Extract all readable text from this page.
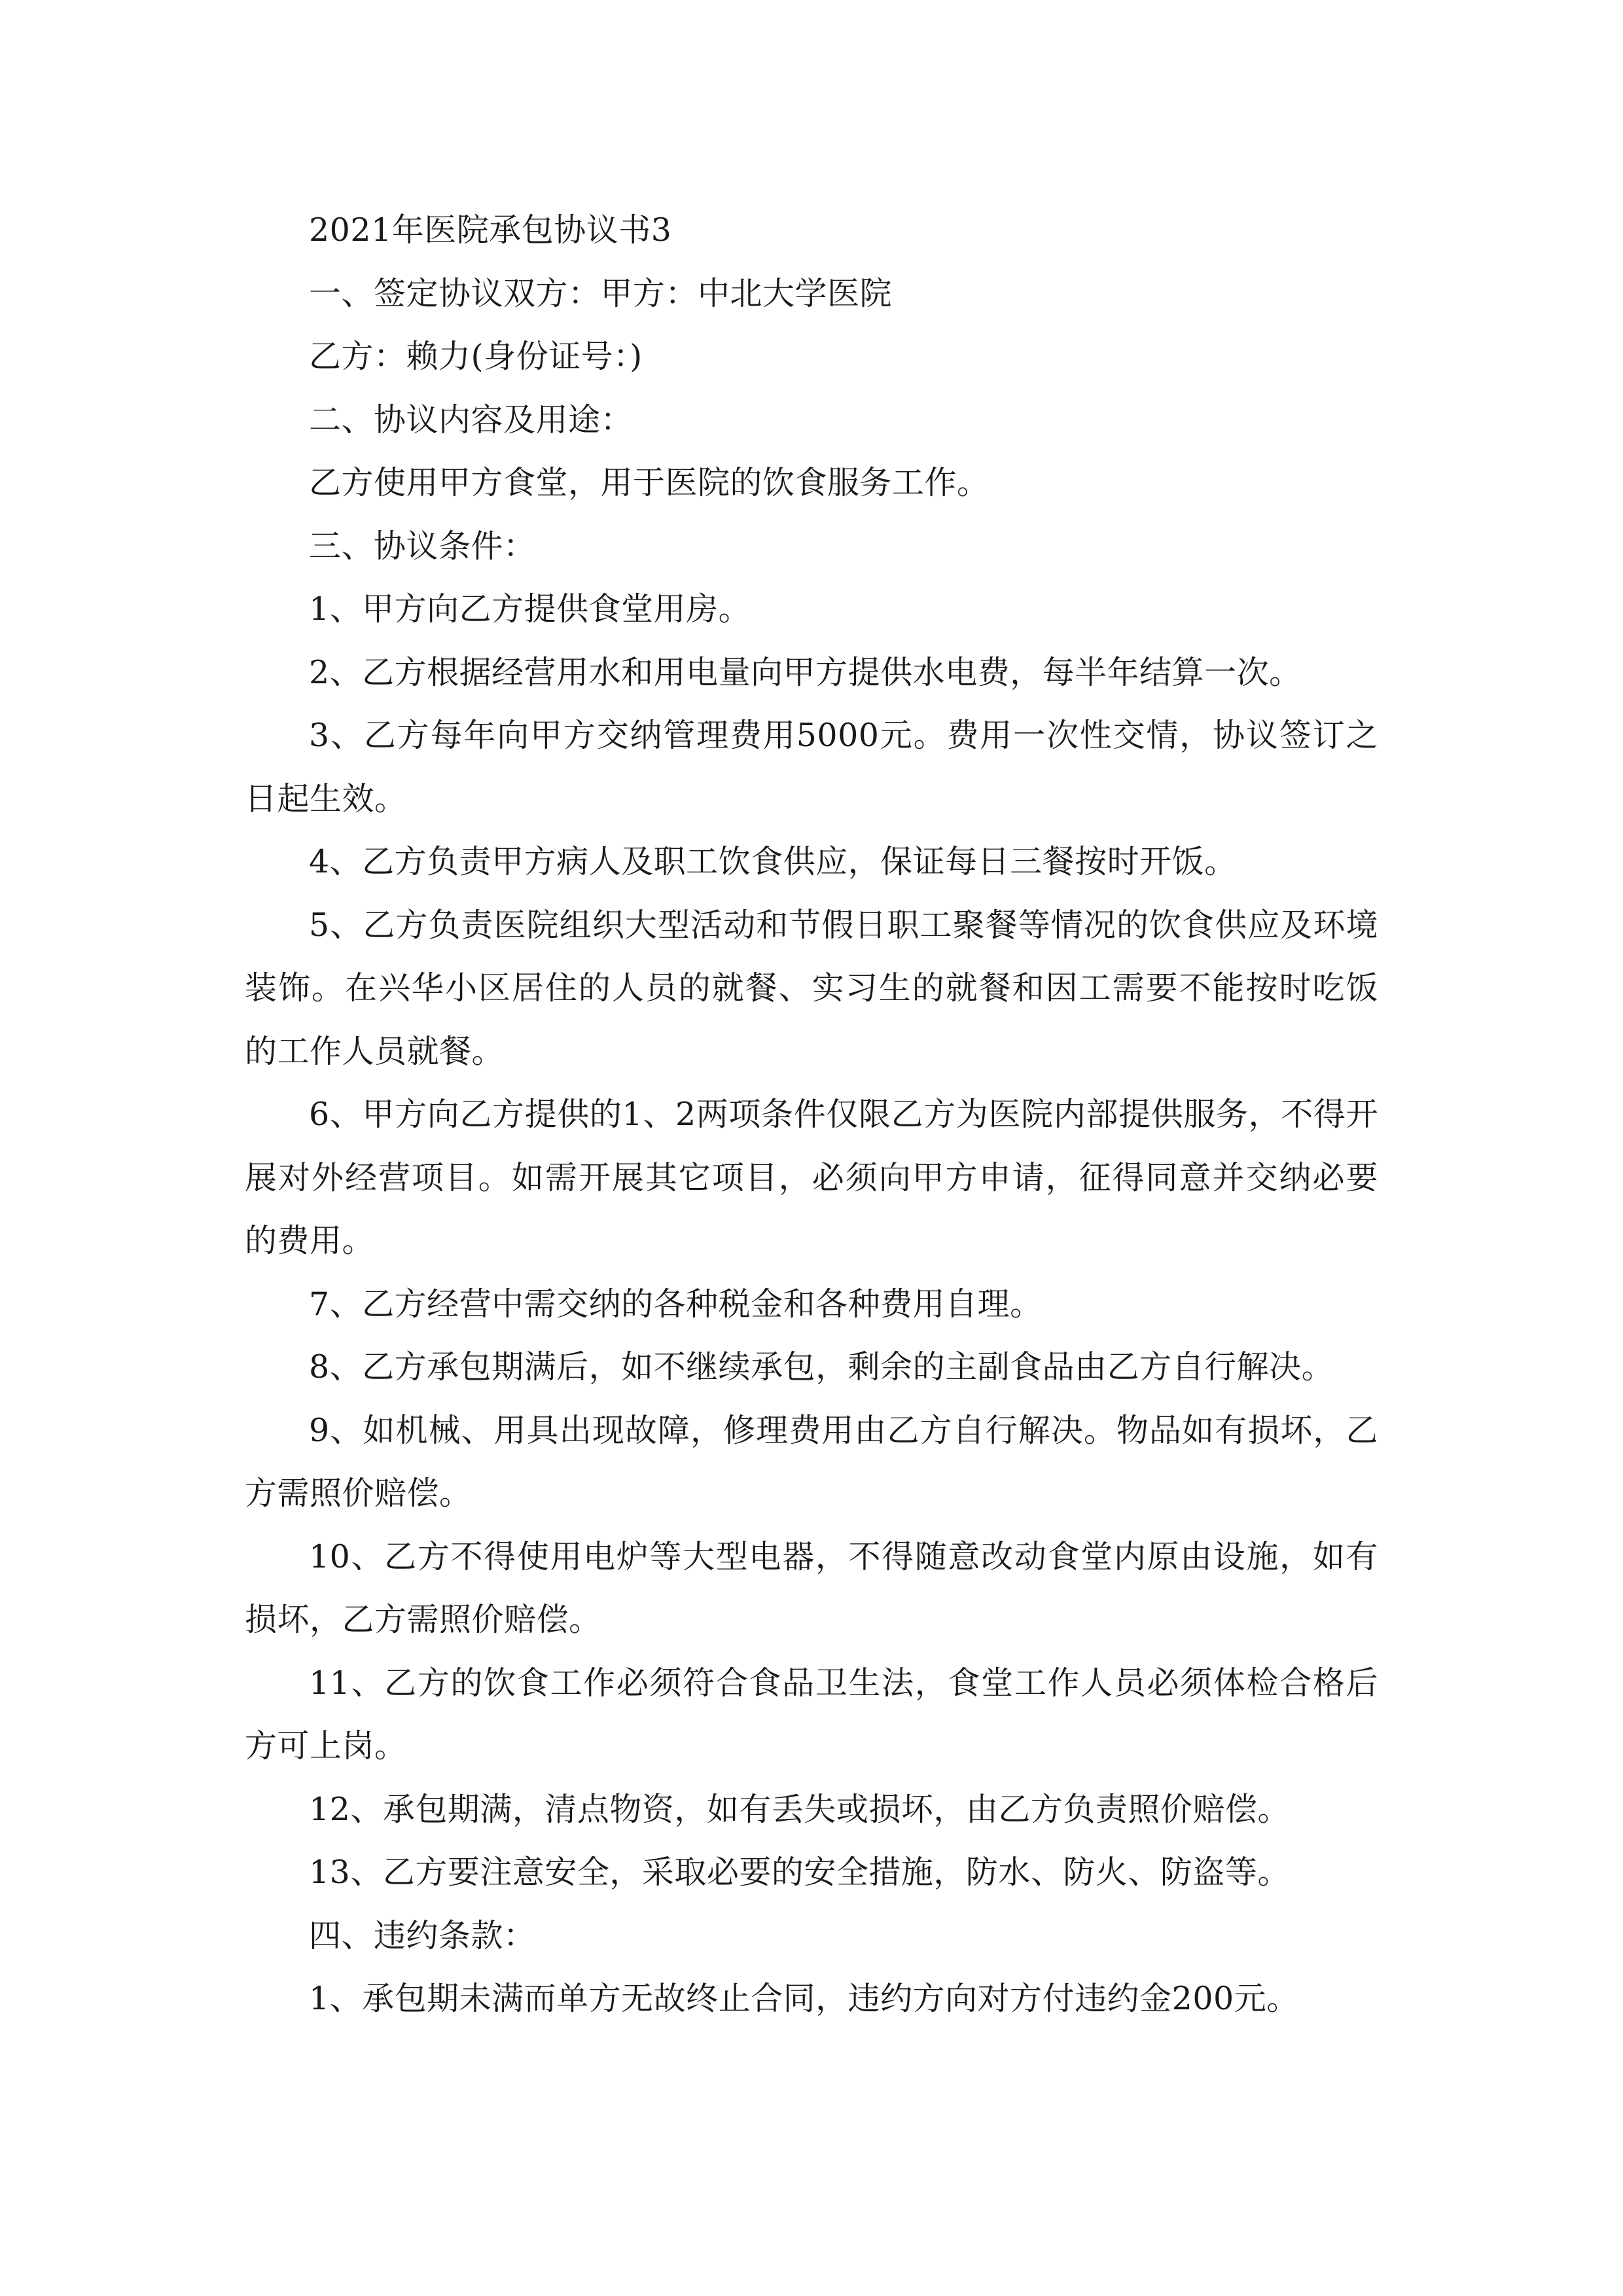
2021年医院承包协议书3

一、签定协议双方：甲方：中北大学医院

乙方：赖力(身份证号：)

二、协议内容及用途：

乙方使用甲方食堂，用于医院的饮食服务工作。

三、协议条件：

1、甲方向乙方提供食堂用房。

2、乙方根据经营用水和用电量向甲方提供水电费，每半年结算一次。

3、乙方每年向甲方交纳管理费用5000元。费用一次性交情，协议签订之日起生效。

4、乙方负责甲方病人及职工饮食供应，保证每日三餐按时开饭。

5、乙方负责医院组织大型活动和节假日职工聚餐等情况的饮食供应及环境装饰。在兴华小区居住的人员的就餐、实习生的就餐和因工需要不能按时吃饭的工作人员就餐。

6、甲方向乙方提供的1、2两项条件仅限乙方为医院内部提供服务，不得开展对外经营项目。如需开展其它项目，必须向甲方申请，征得同意并交纳必要的费用。

7、乙方经营中需交纳的各种税金和各种费用自理。

8、乙方承包期满后，如不继续承包，剩余的主副食品由乙方自行解决。

9、如机械、用具出现故障，修理费用由乙方自行解决。物品如有损坏，乙方需照价赔偿。

10、乙方不得使用电炉等大型电器，不得随意改动食堂内原由设施，如有损坏，乙方需照价赔偿。

11、乙方的饮食工作必须符合食品卫生法，食堂工作人员必须体检合格后方可上岗。

12、承包期满，清点物资，如有丢失或损坏，由乙方负责照价赔偿。

13、乙方要注意安全，采取必要的安全措施，防水、防火、防盗等。

四、违约条款：

1、承包期未满而单方无故终止合同，违约方向对方付违约金200元。
